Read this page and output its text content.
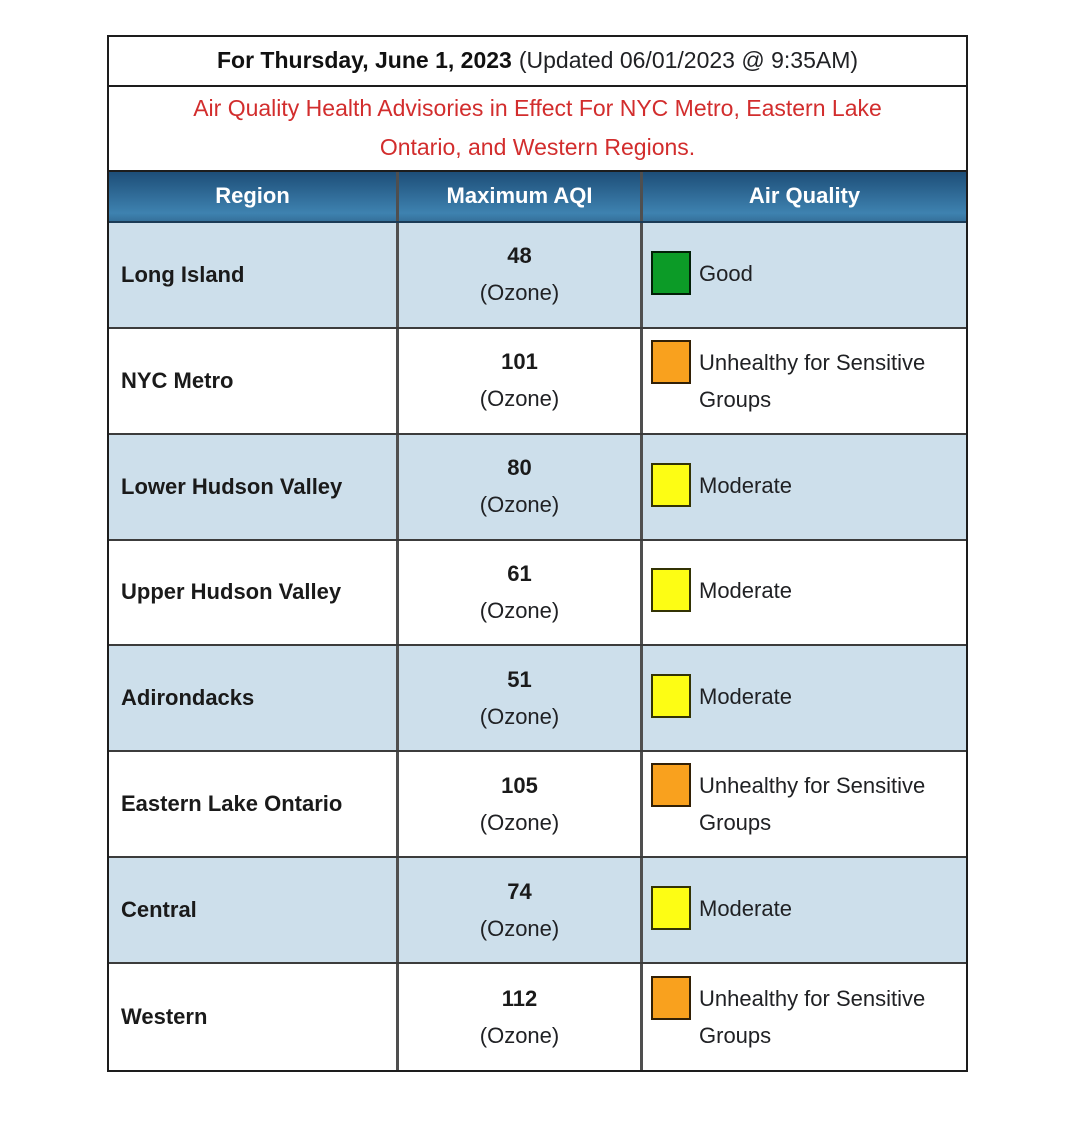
For Thursday, June 1, 2023 (Updated 06/01/2023 @ 9:35AM)
Air Quality Health Advisories in Effect For NYC Metro, Eastern Lake Ontario, and Western Regions.
Region	Maximum AQI	Air Quality
Long Island
48
(Ozone)
Good
NYC Metro
101
(Ozone)
Unhealthy for Sensitive Groups
Lower Hudson Valley
80
(Ozone)
Moderate
Upper Hudson Valley
61
(Ozone)
Moderate
Adirondacks
51
(Ozone)
Moderate
Eastern Lake Ontario
105
(Ozone)
Unhealthy for Sensitive Groups
Central
74
(Ozone)
Moderate
Western
112
(Ozone)
Unhealthy for Sensitive Groups
